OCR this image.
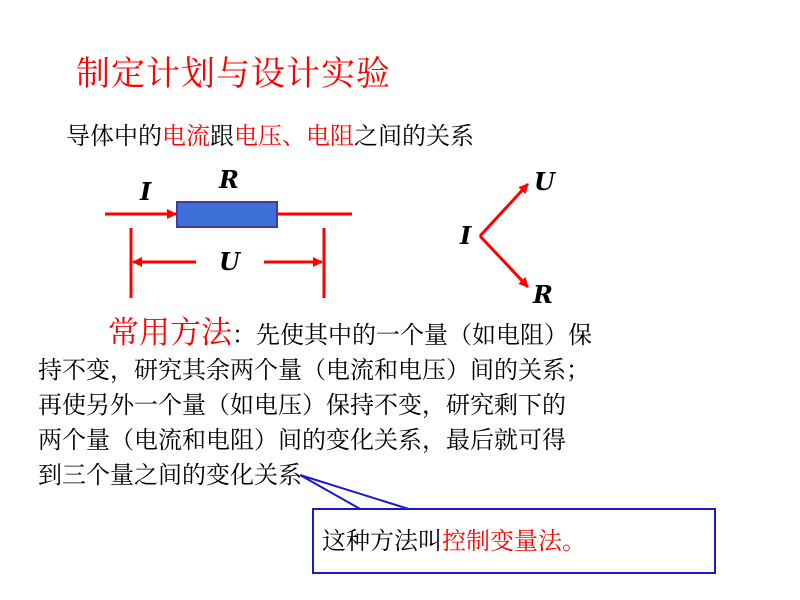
制定计划与设计实验
导体中的电流跟电压、电阻之间的关系
I	R
U
I
U
R
常用方法：先使其中的一个量（如电阻）保
持不变，研究其余两个量（电流和电压）间的关系；
再使另外一个量（如电压）保持不变，研究剩下的
两个量（电流和电阻）间的变化关系，最后就可得
到三个量之间的变化关系
这种方法叫控制变量法。
